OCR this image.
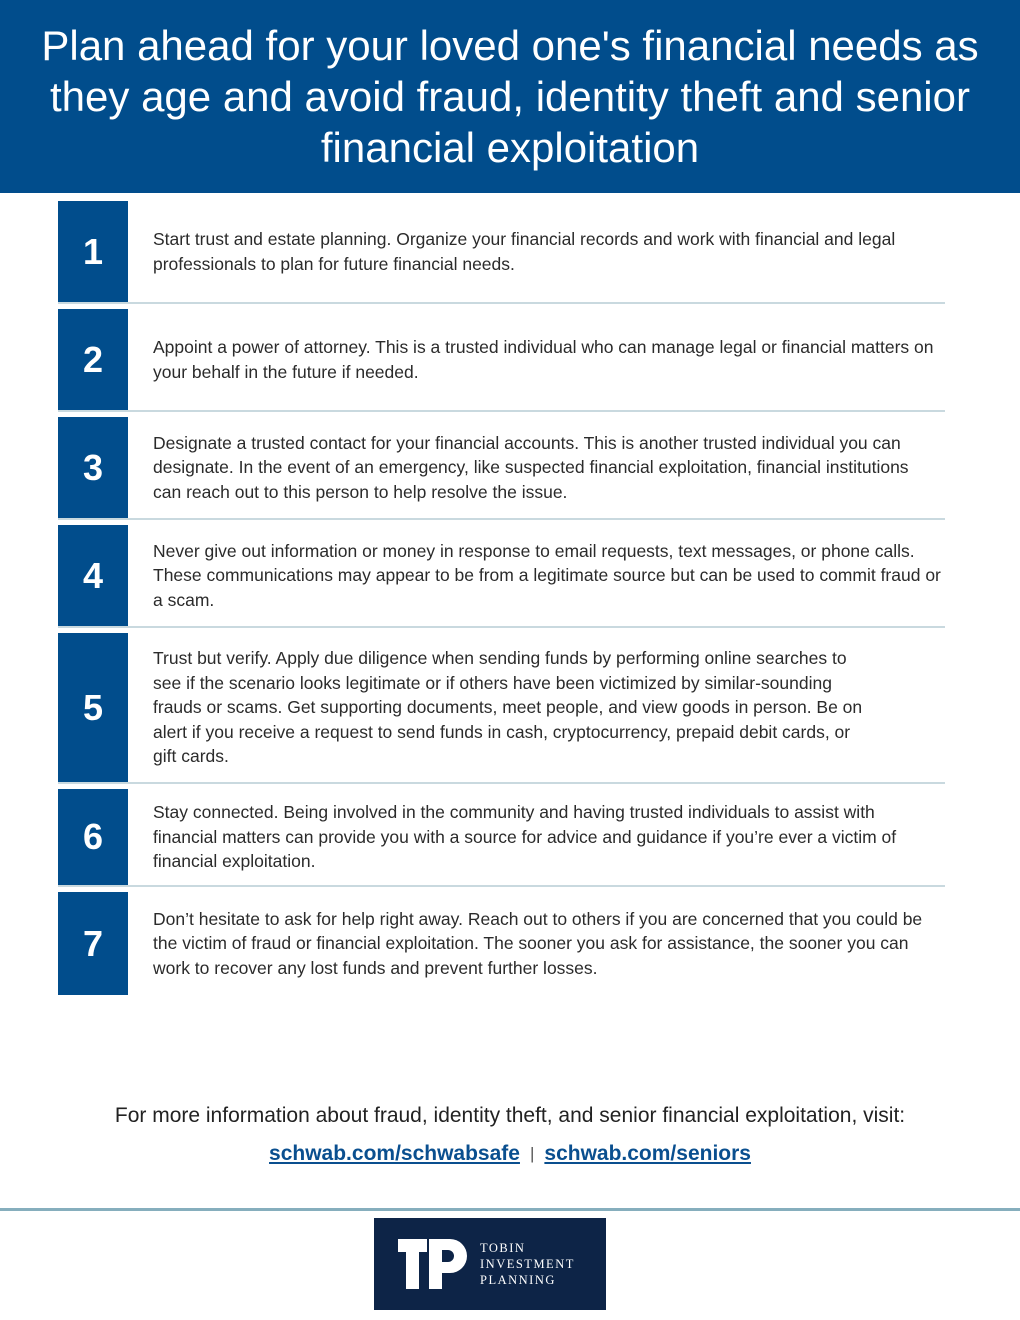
Plan ahead for your loved one's financial needs as they age and avoid fraud, identity theft and senior financial exploitation
1	Start trust and estate planning. Organize your financial records and work with financial and legal professionals to plan for future financial needs.
2	Appoint a power of attorney. This is a trusted individual who can manage legal or financial matters on your behalf in the future if needed.
3
Designate a trusted contact for your financial accounts. This is another trusted individual you can designate. In the event of an emergency, like suspected financial exploitation, financial institutions can reach out to this person to help resolve the issue.
4
Never give out information or money in response to email requests, text messages, or phone calls. These communications may appear to be from a legitimate source but can be used to commit fraud or a scam.
5
Trust but verify. Apply due diligence when sending funds by performing online searches to see if the scenario looks legitimate or if others have been victimized by similar-sounding frauds or scams. Get supporting documents, meet people, and view goods in person. Be on alert if you receive a request to send funds in cash, cryptocurrency, prepaid debit cards, or gift cards.
6
Stay connected. Being involved in the community and having trusted individuals to assist with financial matters can provide you with a source for advice and guidance if you’re ever a victim of financial exploitation.
7
Don’t hesitate to ask for help right away. Reach out to others if you are concerned that you could be the victim of fraud or financial exploitation. The sooner you ask for assistance, the sooner you can work to recover any lost funds and prevent further losses.
For more information about fraud, identity theft, and senior financial exploitation, visit:
schwab.com/schwabsafe | schwab.com/seniors
TOBIN
INVESTMENT
PLANNING
